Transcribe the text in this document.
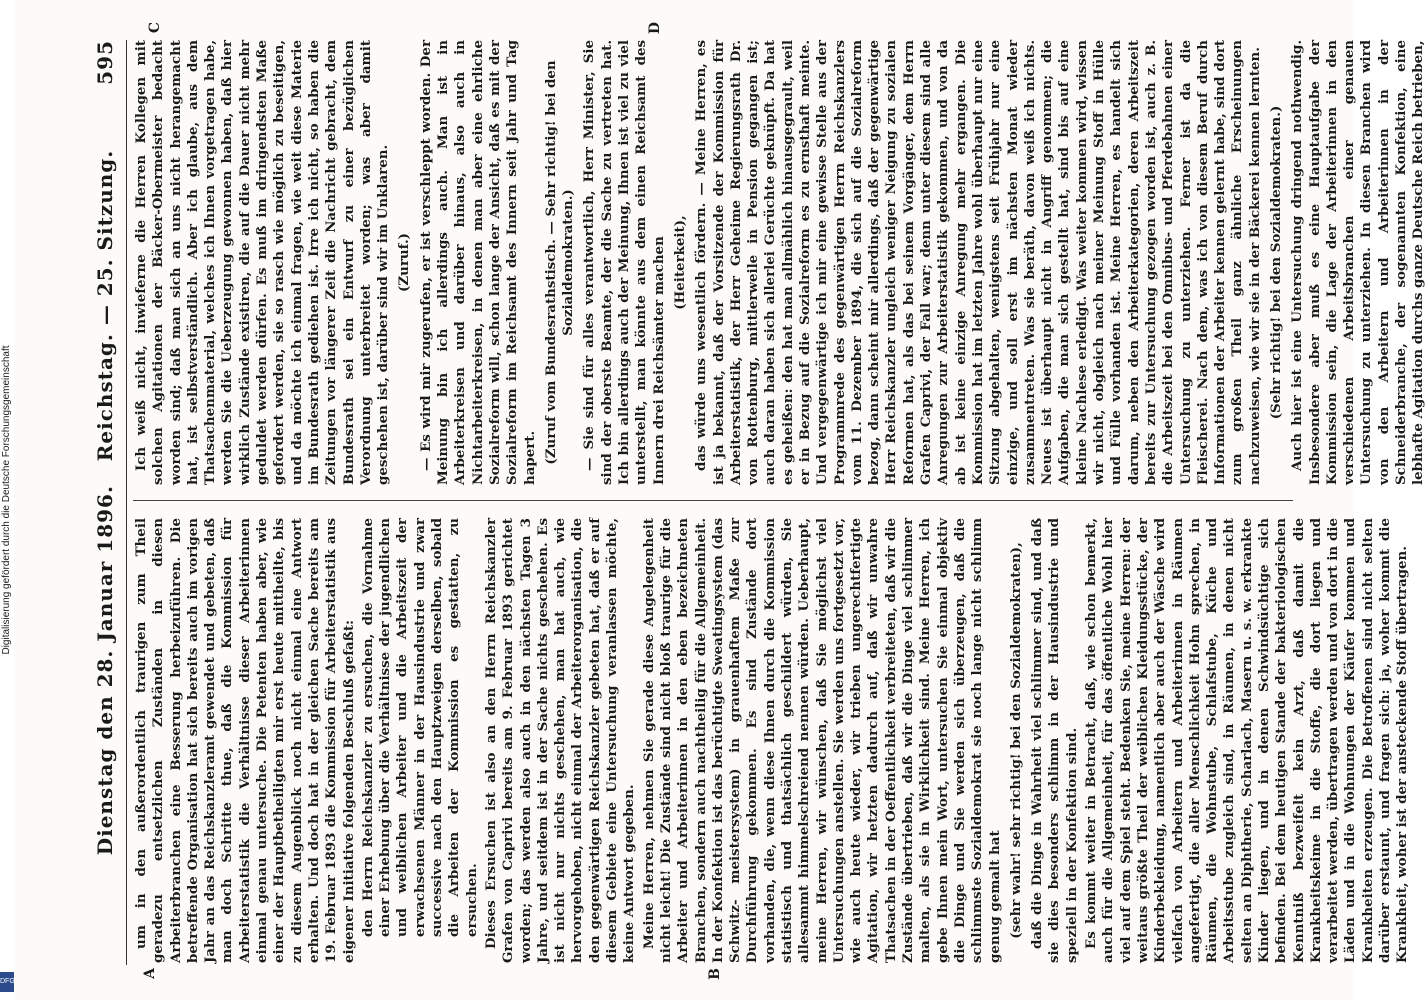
595
Dienstag den 28. Januar 1896.   Reichstag. — 25. Sitzung. Ich weiß nicht, inwieferne die Herren Kollegen mit solchen Agitationen der Bäcker-Obermeister bedacht worden sind; daß man sich an uns nicht herangemacht hat, ist selbstverständlich. Aber ich glaube, aus dem Thatsachenmaterial, welches ich Ihnen vorgetragen habe, werden Sie die Ueberzeugung gewonnen haben, daß hier wirklich Zustände existiren, die auf die Dauer nicht mehr geduldet werden dürfen. Es muß im dringendsten Maße gefordert werden, sie so rasch wie möglich zu beseitigen, und da möchte ich einmal fragen, wie weit diese Materie im Bundesrath gediehen ist. Irre ich nicht, so haben die Zeitungen vor längerer Zeit die Nachricht gebracht, dem Bundesrath sei ein Entwurf zu einer bezüglichen Verordnung unterbreitet worden; was aber damit geschehen ist, darüber sind wir im Unklaren. (Zuruf.) — Es wird mir zugerufen, er ist verschleppt worden. Der Meinung bin ich allerdings auch. Man ist in Arbeiterkreisen und darüber hinaus, also auch in Nichtarbeiterkreisen, in denen man aber eine ehrliche Sozialreform will, schon lange der Ansicht, daß es mit der Sozialreform im Reichsamt des Innern seit Jahr und Tag hapert. (Zuruf vom Bundesrathstisch. — Sehr richtig! bei den Sozialdemokraten.) — Sie sind für alles verantwortlich, Herr Minister, Sie sind der oberste Beamte, der die Sache zu vertreten hat. Ich bin allerdings auch der Meinung, Ihnen ist viel zu viel unterstellt, man könnte aus dem einen Reichsamt des Innern drei Reichsämter machen (Heiterkeit), das würde uns wesentlich fördern. — Meine Herren, es ist ja bekannt, daß der Vorsitzende der Kommission für Arbeiterstatistik, der Herr Geheime Regierungsrath Dr. von Rottenburg, mittlerweile in Pension gegangen ist; auch daran haben sich allerlei Gerüchte geknüpft. Da hat es geheißen: den hat man allmählich hinausgegrault, weil er in Bezug auf die Sozialreform es zu ernsthaft meinte. Und vergegenwärtige ich mir eine gewisse Stelle aus der Programmrede des gegenwärtigen Herrn Reichskanzlers vom 11. Dezember 1894, die sich auf die Sozialreform bezog, dann scheint mir allerdings, daß der gegenwärtige Herr Reichskanzler ungleich weniger Neigung zu sozialen Reformen hat, als das bei seinem Vorgänger, dem Herrn Grafen Caprivi, der Fall war; denn unter diesem sind alle Anregungen zur Arbeiterstatistik gekommen, und von da ab ist keine einzige Anregung mehr ergangen. Die Kommission hat im letzten Jahre wohl überhaupt nur eine Sitzung abgehalten, wenigstens seit Frühjahr nur eine einzige, und soll erst im nächsten Monat wieder zusammentreten. Was sie beräth, davon weiß ich nichts. Neues ist überhaupt nicht in Angriff genommen; die Aufgaben, die man sich gestellt hat, sind bis auf eine kleine Nachlese erledigt. Was weiter kommen wird, wissen wir nicht, obgleich nach meiner Meinung Stoff in Hülle und Fülle vorhanden ist. Meine Herren, es handelt sich darum, neben den Arbeiterkategorien, deren Arbeitszeit bereits zur Untersuchung gezogen worden ist, auch z. B. die Arbeitszeit bei den Omnibus- und Pferdebahnen einer Untersuchung zu unterziehen. Ferner ist da die Fleischerei. Nach dem, was ich von diesem Beruf durch Informationen der Arbeiter kennen gelernt habe, sind dort zum großen Theil ganz ähnliche Erscheinungen nachzuweisen, wie wir sie in der Bäckerei kennen lernten. (Sehr richtig! bei den Sozialdemokraten.) Auch hier ist eine Untersuchung dringend nothwendig. Insbesondere aber muß es eine Hauptaufgabe der Kommission sein, die Lage der Arbeiterinnen in den verschiedenen Arbeitsbranchen einer genauen Untersuchung zu unterziehen. In diesen Branchen wird von den Arbeitern und Arbeiterinnen in der Schneiderbranche, der sogenannten Konfektion, eine lebhafte Agitation durchs ganze Deutsche Reich betrieben,

um in den außerordentlich traurigen zum Theil geradezu entsetzlichen Zuständen in diesen Arbeiterbranchen eine Besserung herbeizuführen. Die betreffende Organisation hat sich bereits auch im vorigen Jahr an das Reichskanzleramt gewendet und gebeten, daß man doch Schritte thue, daß die Kommission für Arbeiterstatistik die Verhältnisse dieser Arbeiterinnen einmal genau untersuche. Die Petenten haben aber, wie einer der Hauptbetheiligten mir erst heute mittheilte, bis zu diesem Augenblick noch nicht einmal eine Antwort erhalten. Und doch hat in der gleichen Sache bereits am 19. Februar 1893 die Kommission für Arbeiterstatistik aus eigener Initiative folgenden Beschluß gefaßt: den Herrn Reichskanzler zu ersuchen, die Vornahme einer Erhebung über die Verhältnisse der jugendlichen und weiblichen Arbeiter und die Arbeitszeit der erwachsenen Männer in der Hausindustrie und zwar successive nach den Hauptzweigen derselben, sobald die Arbeiten der Kommission es gestatten, zu ersuchen. Dieses Ersuchen ist also an den Herrn Reichskanzler Grafen von Caprivi bereits am 9. Februar 1893 gerichtet worden; das werden also auch in den nächsten Tagen 3 Jahre, und seitdem ist in der Sache nichts geschehen. Es ist nicht nur nichts geschehen, man hat auch, wie hervorgehoben, nicht einmal der Arbeiterorganisation, die den gegenwärtigen Reichskanzler gebeten hat, daß er auf diesem Gebiete eine Untersuchung veranlassen möchte, keine Antwort gegeben. Meine Herren, nehmen Sie gerade diese Angelegenheit nicht leicht! Die Zustände sind nicht bloß traurige für die Arbeiter und Arbeiterinnen in den eben bezeichneten Branchen, sondern auch nachtheilig für die Allgemeinheit. In der Konfektion ist das berüchtigte Sweatingsystem (das Schwitz- meistersystem) in grauenhaftem Maße zur Durchführung gekommen. Es sind Zustände dort vorhanden, die, wenn diese Ihnen durch die Kommission statistisch und thatsächlich geschildert würden, Sie allesammt himmelschreiend nennen würden. Ueberhaupt, meine Herren, wir wünschen, daß Sie möglichst viel Untersuchungen anstellen. Sie werden uns fortgesetzt vor, wie auch heute wieder, wir trieben ungerechtfertigte Agitation, wir hetzten dadurch auf, daß wir unwahre Thatsachen in der Oeffentlichkeit verbreiteten, daß wir die Zustände übertrieben, daß wir die Dinge viel schlimmer malten, als sie in Wirklichkeit sind. Meine Herren, ich gebe Ihnen mein Wort, untersuchen Sie einmal objektiv die Dinge und Sie werden sich überzeugen, daß die schlimmste Sozialdemokrat sie noch lange nicht schlimm genug gemalt hat (sehr wahr! sehr richtig! bei den Sozialdemokraten), daß die Dinge in Wahrheit viel schlimmer sind, und daß sie dies besonders schlimm in der Hausindustrie und speziell in der Konfektion sind. Es kommt weiter in Betracht, daß, wie schon bemerkt, auch für die Allgemeinheit, für das öffentliche Wohl hier viel auf dem Spiel steht. Bedenken Sie, meine Herren: der weitaus größte Theil der weiblichen Kleidungsstücke, der Kinderbekleidung, namentlich aber auch der Wäsche wird vielfach von Arbeitern und Arbeiterinnen in Räumen angefertigt, die aller Menschlichkeit Hohn sprechen, in Räumen, die Wohnstube, Schlafstube, Küche und Arbeitsstube zugleich sind, in Räumen, in denen nicht selten an Diphtherie, Scharlach, Masern u. s. w. erkrankte Kinder liegen, und in denen Schwindsüchtige sich befinden. Bei dem heutigen Stande der bakteriologischen Kenntniß bezweifelt kein Arzt, daß damit die Krankheitskeime in die Stoffe, die dort liegen und verarbeitet werden, übertragen werden und von dort in die Läden und in die Wohnungen der Käufer kommen und Krankheiten erzeugen. Die Betroffenen sind nicht selten darüber erstaunt, und fragen sich: ja, woher kommt die Krankheit, woher ist der ansteckende Stoff übertragen.

A	B
C	D
Digitalisierung gefördert durch die Deutsche Forschungsgemeinschaft
DFG
